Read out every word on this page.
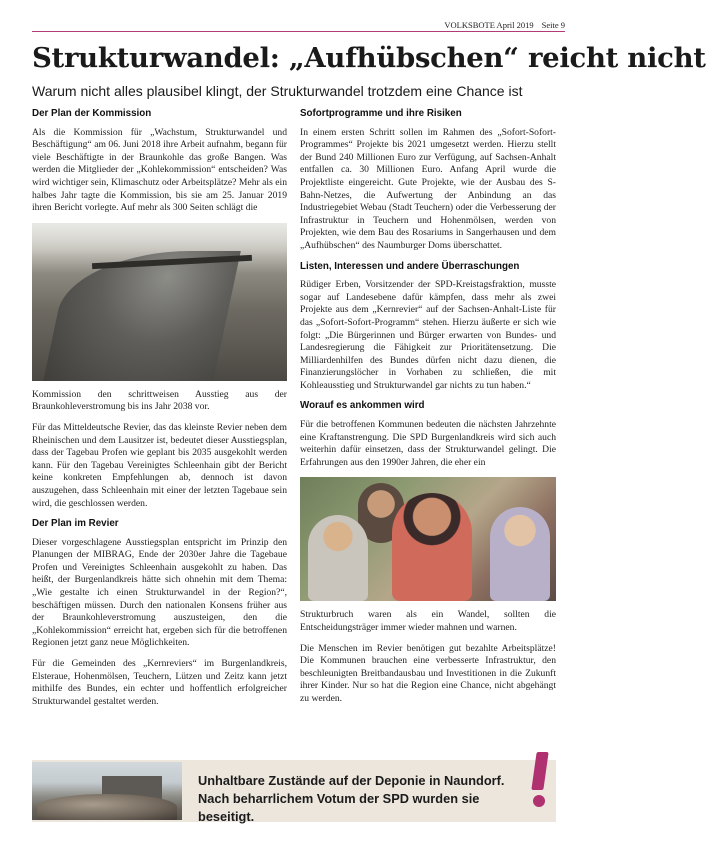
VOLKSBOTE April 2019 Seite 9
Strukturwandel: „Aufhübschen“ reicht nicht
Warum nicht alles plausibel klingt, der Strukturwandel trotzdem eine Chance ist
Der Plan der Kommission

Als die Kommission für „Wachstum, Strukturwandel und Beschäftigung“ am 06. Juni 2018 ihre Arbeit aufnahm, begann für viele Beschäftigte in der Braunkohle das große Bangen. Was werden die Mitglieder der „Kohlekommission“ entscheiden? Was wird wichtiger sein, Klimaschutz oder Arbeitsplätze? Mehr als ein halbes Jahr tagte die Kommission, bis sie am 25. Januar 2019 ihren Bericht vorlegte. Auf mehr als 300 Seiten schlägt die

Kommission den schrittweisen Ausstieg aus der Braunkohleverstromung bis ins Jahr 2038 vor.

Für das Mitteldeutsche Revier, das das kleinste Revier neben dem Rheinischen und dem Lausitzer ist, bedeutet dieser Ausstiegsplan, dass der Tagebau Profen wie geplant bis 2035 ausgekohlt werden kann. Für den Tagebau Vereinigtes Schleenhain gibt der Bericht keine konkreten Empfehlungen ab, dennoch ist davon auszugehen, dass Schleenhain mit einer der letzten Tagebaue sein wird, die geschlossen werden.

Der Plan im Revier

Dieser vorgeschlagene Ausstiegsplan entspricht im Prinzip den Planungen der MIBRAG, Ende der 2030er Jahre die Tagebaue Profen und Vereinigtes Schleenhain ausgekohlt zu haben. Das heißt, der Burgenlandkreis hätte sich ohnehin mit dem Thema: „Wie gestalte ich einen Strukturwandel in der Region?“, beschäftigen müssen. Durch den nationalen Konsens früher aus der Braunkohleverstromung auszusteigen, den die „Kohlekommission“ erreicht hat, ergeben sich für die betroffenen Regionen jetzt ganz neue Möglichkeiten.

Für die Gemeinden des „Kernreviers“ im Burgenlandkreis, Elsteraue, Hohenmölsen, Teuchern, Lützen und Zeitz kann jetzt mithilfe des Bundes, ein echter und hoffentlich erfolgreicher Strukturwandel gestaltet werden.

Sofortprogramme und ihre Risiken

In einem ersten Schritt sollen im Rahmen des „Sofort-Sofort-Programmes“ Projekte bis 2021 umgesetzt werden. Hierzu stellt der Bund 240 Millionen Euro zur Verfügung, auf Sachsen-Anhalt entfallen ca. 30 Millionen Euro. Anfang April wurde die Projektliste eingereicht. Gute Projekte, wie der Ausbau des S-Bahn-Netzes, die Aufwertung der Anbindung an das Industriegebiet Webau (Stadt Teuchern) oder die Verbesserung der Infrastruktur in Teuchern und Hohenmölsen, werden von Projekten, wie dem Bau des Rosariums in Sangerhausen und dem „Aufhübschen“ des Naumburger Doms überschattet.

Listen, Interessen und andere Überraschungen

Rüdiger Erben, Vorsitzender der SPD-Kreistagsfraktion, musste sogar auf Landesebene dafür kämpfen, dass mehr als zwei Projekte aus dem „Kernrevier“ auf der Sachsen-Anhalt-Liste für das „Sofort-Sofort-Programm“ stehen. Hierzu äußerte er sich wie folgt: „Die Bürgerinnen und Bürger erwarten von Bundes- und Landesregierung die Fähigkeit zur Prioritätensetzung. Die Milliardenhilfen des Bundes dürfen nicht dazu dienen, die Finanzierungslöcher in Vorhaben zu schließen, die mit Kohleausstieg und Strukturwandel gar nichts zu tun haben.“

Worauf es ankommen wird

Für die betroffenen Kommunen bedeuten die nächsten Jahrzehnte eine Kraftanstrengung. Die SPD Burgenlandkreis wird sich auch weiterhin dafür einsetzen, dass der Strukturwandel gelingt. Die Erfahrungen aus den 1990er Jahren, die eher ein

Strukturbruch waren als ein Wandel, sollten die Entscheidungsträger immer wieder mahnen und warnen.

Die Menschen im Revier benötigen gut bezahlte Arbeitsplätze! Die Kommunen brauchen eine verbesserte Infrastruktur, den beschleunigten Breitbandausbau und Investitionen in die Zukunft ihrer Kinder. Nur so hat die Region eine Chance, nicht abgehängt zu werden.

Unhaltbare Zustände auf der Deponie in Naundorf.
Nach beharrlichem Votum der SPD wurden sie beseitigt.
